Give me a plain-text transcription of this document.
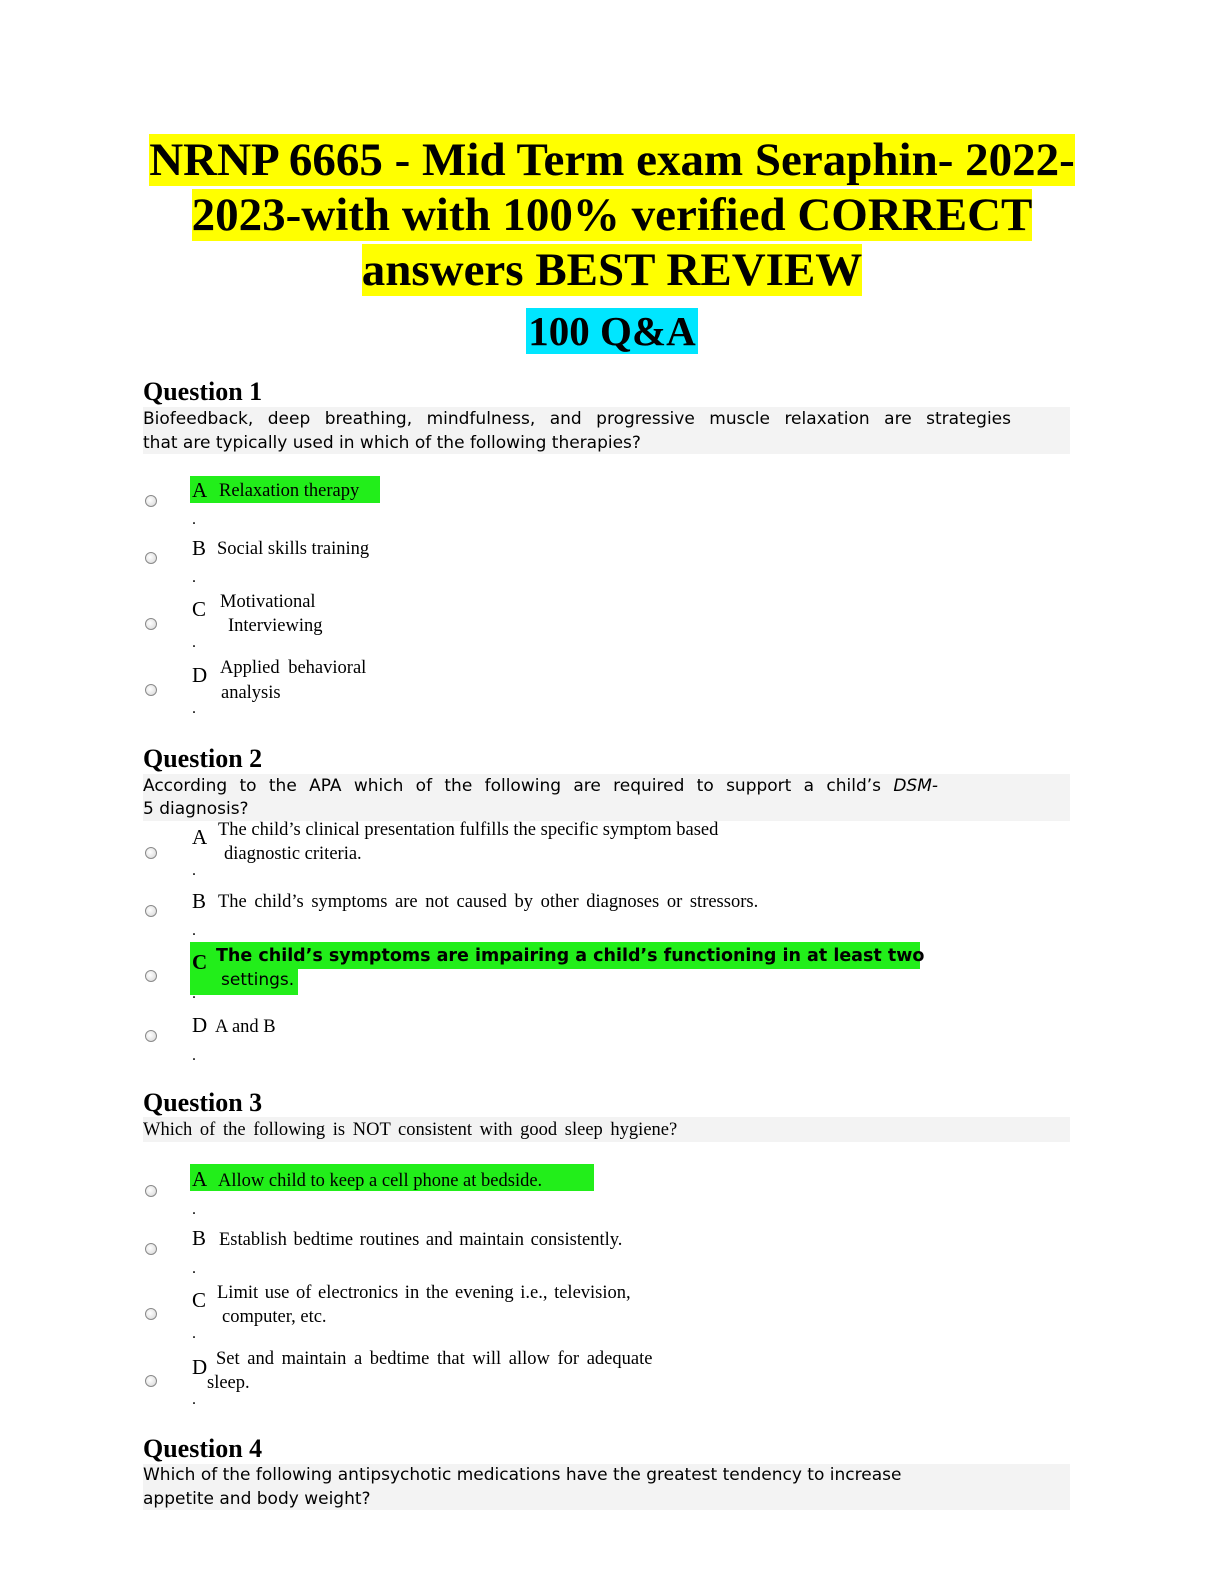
NRNP 6665 - Mid Term exam Seraphin- 2022-
2023-with with 100% verified CORRECT
answers BEST REVIEW
100 Q&A
Question 1
Biofeedback, deep breathing, mindfulness, and progressive muscle relaxation are strategies
that are typically used in which of the following therapies?
A Relaxation therapy
.
B Social skills training
.
C Motivational
Interviewing
.
D Applied behavioral
analysis
.
Question 2
According to the APA which of the following are required to support a child’s DSM-
5 diagnosis?
A The child’s clinical presentation fulfills the specific symptom based
diagnostic criteria.
.
B The child’s symptoms are not caused by other diagnoses or stressors.
.
C The child’s symptoms are impairing a child’s functioning in at least two
settings.
.
D A and B
.
Question 3
Which of the following is NOT consistent with good sleep hygiene?
A Allow child to keep a cell phone at bedside.
.
B Establish bedtime routines and maintain consistently.
.
C Limit use of electronics in the evening i.e., television,
computer, etc.
.
D Set and maintain a bedtime that will allow for adequate
sleep.
.
Question 4
Which of the following antipsychotic medications have the greatest tendency to increase
appetite and body weight?
